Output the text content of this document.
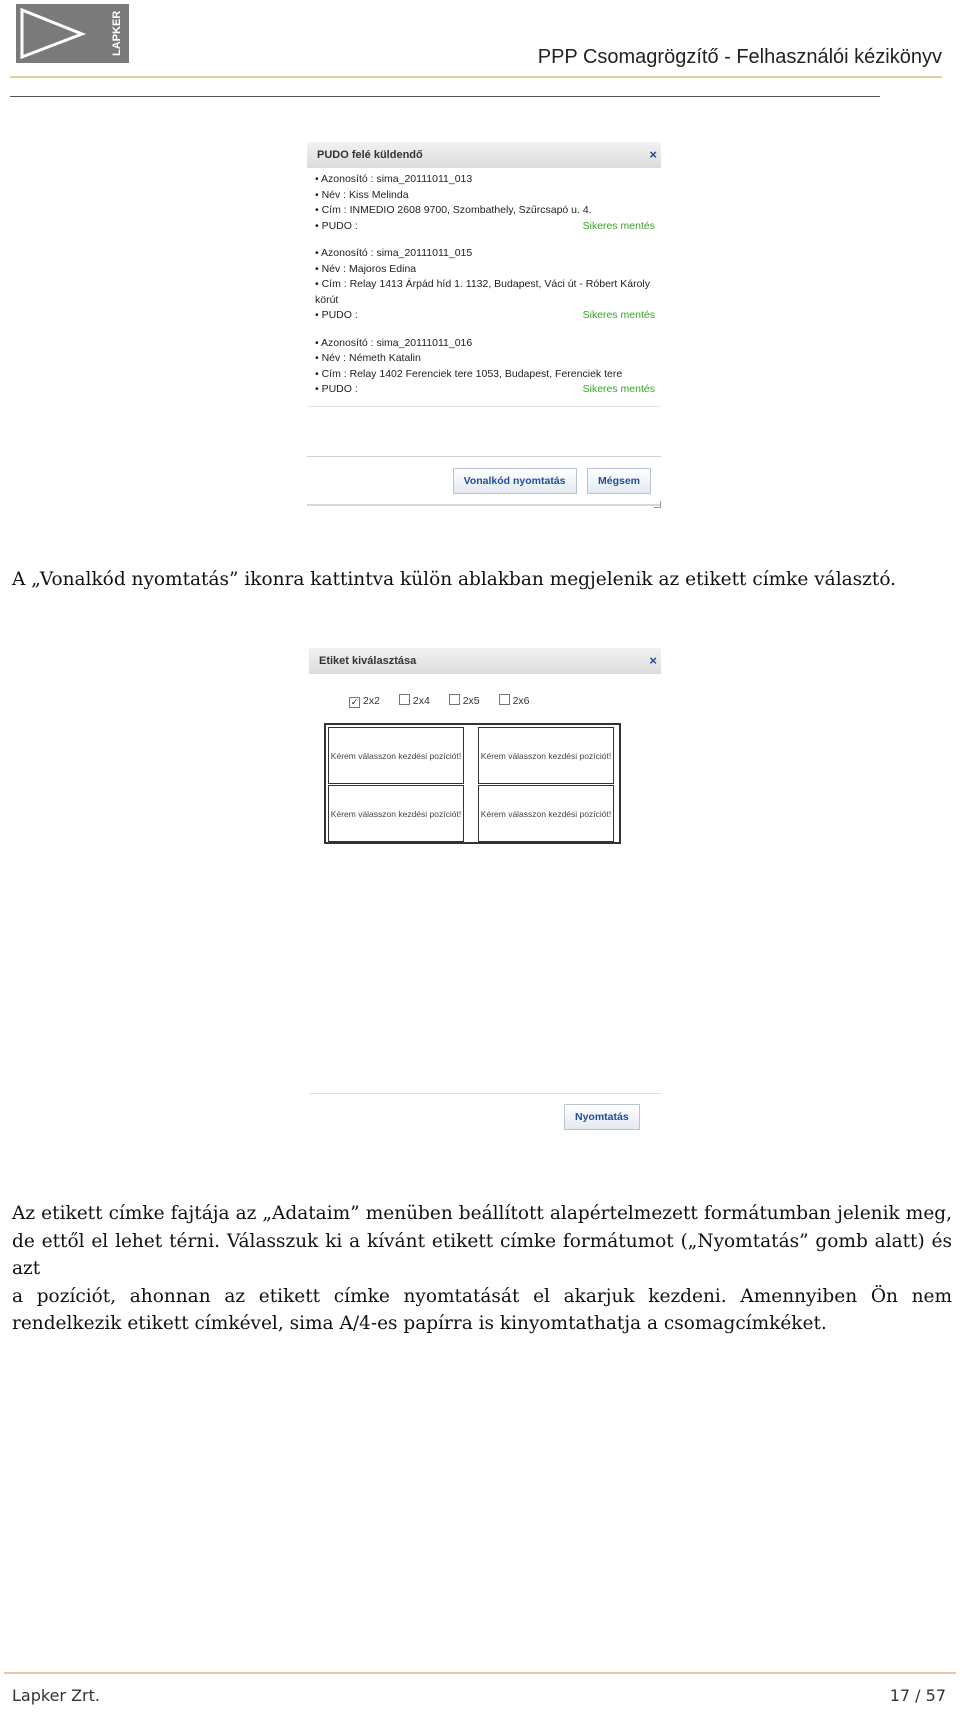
LAPKER
PPP Csomagrögzítő - Felhasználói kézikönyv
PUDO felé küldendő	×
• Azonosító : sima_20111011_013
• Név : Kiss Melinda
• Cím : INMEDIO 2608 9700, Szombathely, Szűrcsapó u. 4.
• PUDO :	Sikeres mentés
• Azonosító : sima_20111011_015
• Név : Majoros Edina
• Cím : Relay 1413 Árpád híd 1. 1132, Budapest, Váci út - Róbert Károly körút
• PUDO :	Sikeres mentés
• Azonosító : sima_20111011_016
• Név : Németh Katalin
• Cím : Relay 1402 Ferenciek tere 1053, Budapest, Ferenciek tere
• PUDO :	Sikeres mentés
Vonalkód nyomtatás	Mégsem
A „Vonalkód nyomtatás” ikonra kattintva külön ablakban megjelenik az etikett címke választó.
Etiket kiválasztása	×
✓ 2x2	2x4	2x5	2x6
Kérem válasszon kezdési pozíciót!	Kérem válasszon kezdési pozíciót!
Kérem válasszon kezdési pozíciót!	Kérem válasszon kezdési pozíciót!
Nyomtatás
Az etikett címke fajtája az „Adataim” menüben beállított alapértelmezett formátumban jelenik meg,
de ettől el lehet térni. Válasszuk ki a kívánt etikett címke formátumot („Nyomtatás” gomb alatt) és azt
a pozíciót, ahonnan az etikett címke nyomtatását el akarjuk kezdeni. Amennyiben Ön nem
rendelkezik etikett címkével, sima A/4-es papírra is kinyomtathatja a csomagcímkéket.
Lapker Zrt.	17 / 57
